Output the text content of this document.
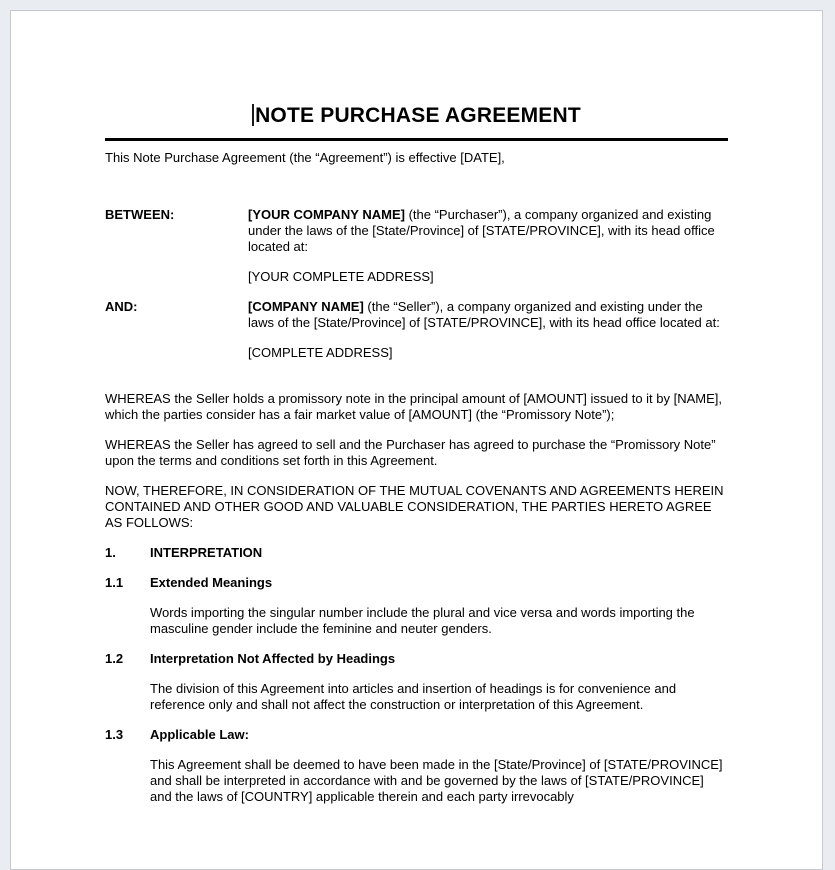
NOTE PURCHASE AGREEMENT

This Note Purchase Agreement (the “Agreement”) is effective [DATE],

BETWEEN:	[YOUR COMPANY NAME] (the “Purchaser”), a company organized and existing under the laws of the [State/Province] of [STATE/PROVINCE], with its head office located at:
[YOUR COMPLETE ADDRESS]
AND:	[COMPANY NAME] (the “Seller”), a company organized and existing under the laws of the [State/Province] of [STATE/PROVINCE], with its head office located at:
[COMPLETE ADDRESS]

WHEREAS the Seller holds a promissory note in the principal amount of [AMOUNT] issued to it by [NAME], which the parties consider has a fair market value of [AMOUNT] (the “Promissory Note”);

WHEREAS the Seller has agreed to sell and the Purchaser has agreed to purchase the “Promissory Note” upon the terms and conditions set forth in this Agreement.

NOW, THEREFORE, IN CONSIDERATION OF THE MUTUAL COVENANTS AND AGREEMENTS HEREIN CONTAINED AND OTHER GOOD AND VALUABLE CONSIDERATION, THE PARTIES HERETO AGREE AS FOLLOWS:

1.	INTERPRETATION
1.1	Extended Meanings

Words importing the singular number include the plural and vice versa and words importing the masculine gender include the feminine and neuter genders.

1.2	Interpretation Not Affected by Headings

The division of this Agreement into articles and insertion of headings is for convenience and reference only and shall not affect the construction or interpretation of this Agreement.

1.3	Applicable Law:

This Agreement shall be deemed to have been made in the [State/Province] of [STATE/PROVINCE] and shall be interpreted in accordance with and be governed by the laws of [STATE/PROVINCE] and the laws of [COUNTRY] applicable therein and each party irrevocably
